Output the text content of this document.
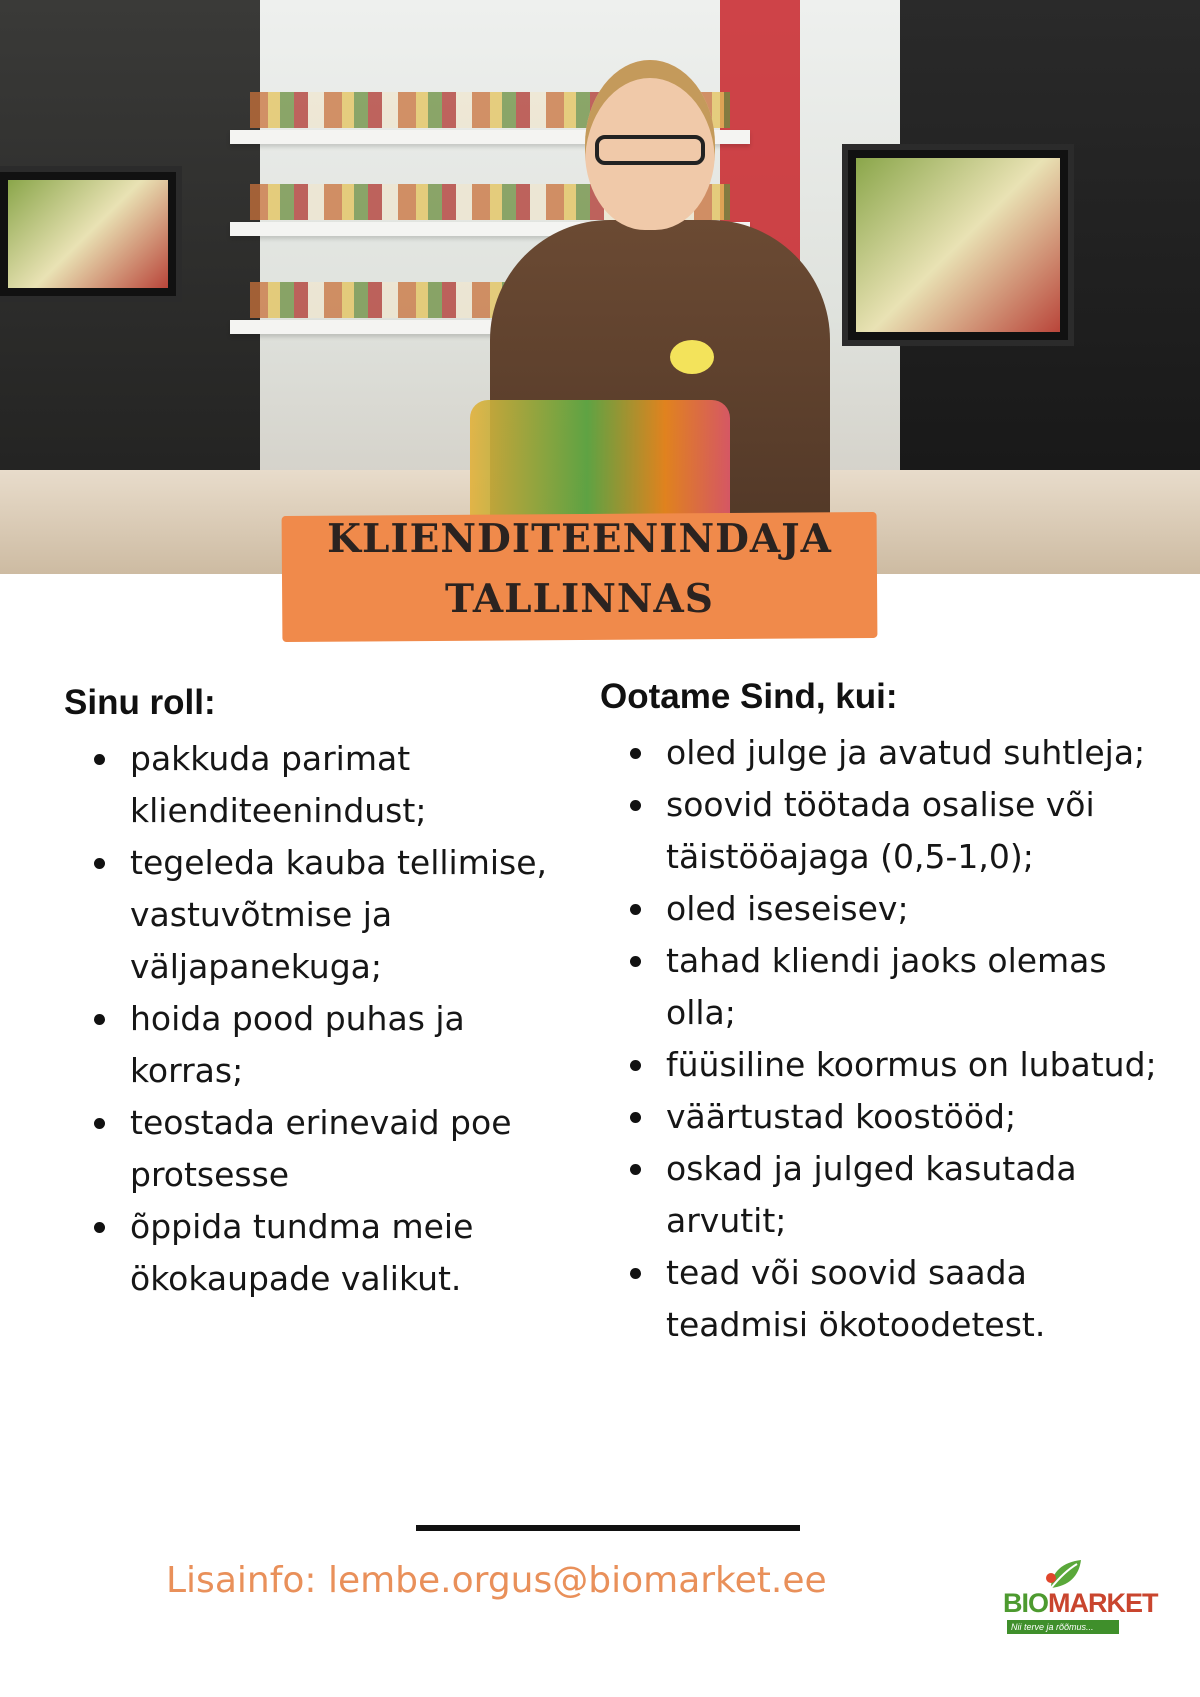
KLIENDITEENINDAJA
TALLINNAS
Sinu roll:
pakkuda parimat klienditeenindust;
tegeleda kauba tellimise, vastuvõtmise ja väljapanekuga;
hoida pood puhas ja korras;
teostada erinevaid poe protsesse
õppida tundma meie ökokaupade valikut.
Ootame Sind, kui:
oled julge ja avatud suhtleja;
soovid töötada osalise või täistööajaga (0,5-1,0);
oled iseseisev;
tahad kliendi jaoks olemas olla;
füüsiline koormus on lubatud;
väärtustad koostööd;
oskad ja julged kasutada arvutit;
tead või soovid saada teadmisi ökotoodetest.
Lisainfo: lembe.orgus@biomarket.ee
BIOMARKET
Nii terve ja rõõmus...
